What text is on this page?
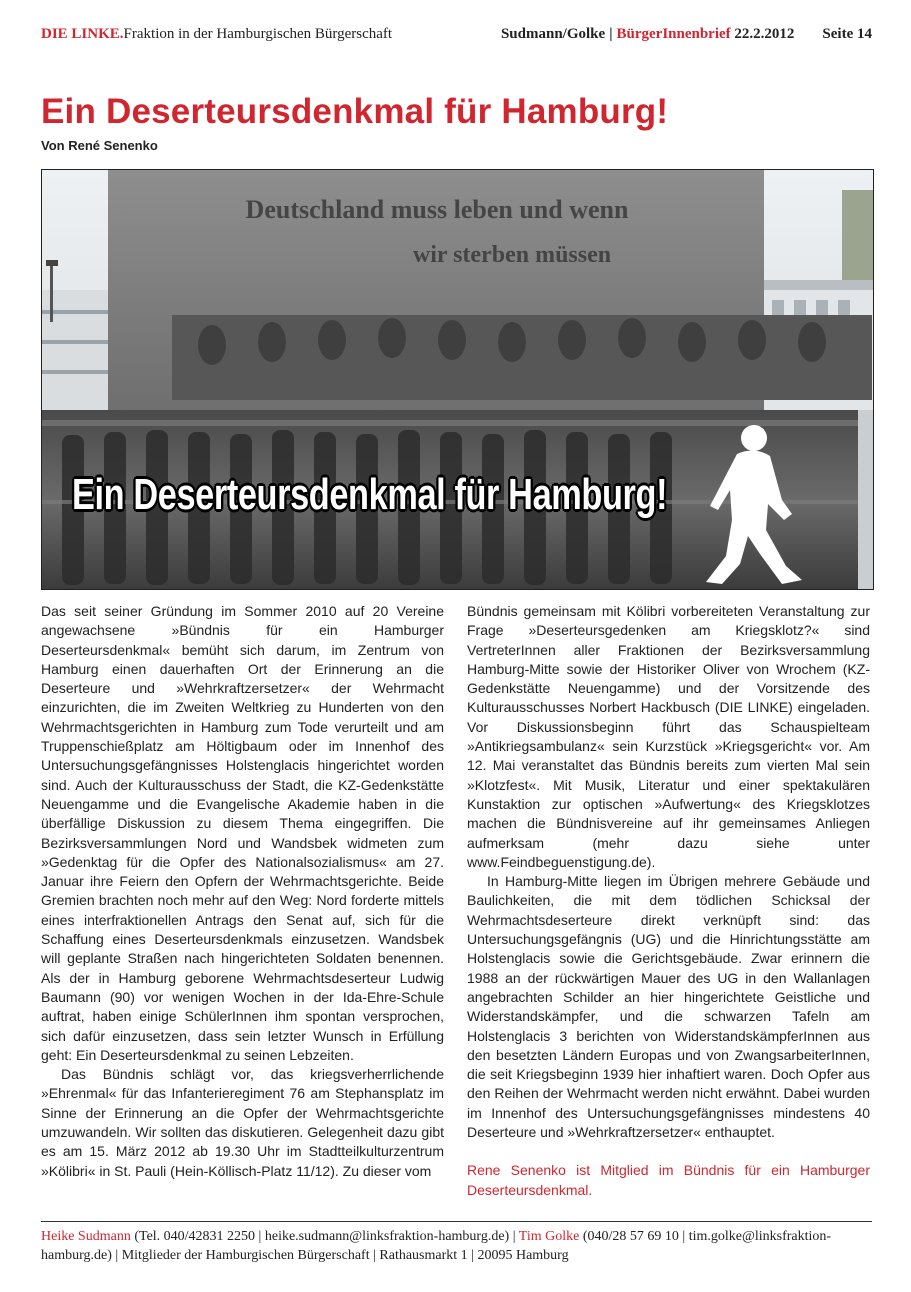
DIE LINKE.Fraktion in der Hamburgischen Bürgerschaft	Sudmann/Golke | BürgerInnenbrief 22.2.2012 Seite 14
Ein Deserteursdenkmal für Hamburg!

Von René Senenko

Deutschland muss leben und wenn
wir sterben müssen
Ein Deserteursdenkmal für Hamburg!

Das seit seiner Gründung im Sommer 2010 auf 20 Vereine angewachsene »Bündnis für ein Hamburger Deserteursdenkmal« bemüht sich darum, im Zentrum von Hamburg einen dauerhaften Ort der Erinnerung an die Deserteure und »Wehrkraftzersetzer« der Wehrmacht einzurichten, die im Zweiten Weltkrieg zu Hunderten von den Wehrmachtsgerichten in Hamburg zum Tode verurteilt und am Truppenschießplatz am Höltigbaum oder im Innenhof des Untersuchungsgefängnisses Holstenglacis hingerichtet worden sind. Auch der Kulturausschuss der Stadt, die KZ-Gedenkstätte Neuengamme und die Evangelische Akademie haben in die überfällige Diskussion zu diesem Thema eingegriffen. Die Bezirksversammlungen Nord und Wandsbek widmeten zum »Gedenktag für die Opfer des Nationalsozialismus« am 27. Januar ihre Feiern den Opfern der Wehrmachtsgerichte. Beide Gremien brachten noch mehr auf den Weg: Nord forderte mittels eines interfraktionellen Antrags den Senat auf, sich für die Schaffung eines Deserteursdenkmals einzusetzen. Wandsbek will geplante Straßen nach hingerichteten Soldaten benennen. Als der in Hamburg geborene Wehrmachtsdeserteur Ludwig Baumann (90) vor wenigen Wochen in der Ida-Ehre-Schule auftrat, haben einige SchülerInnen ihm spontan versprochen, sich dafür einzusetzen, dass sein letzter Wunsch in Erfüllung geht: Ein Deserteursdenkmal zu seinen Lebzeiten.

Das Bündnis schlägt vor, das kriegsverherrlichende »Ehrenmal« für das Infanterieregiment 76 am Stephansplatz im Sinne der Erinnerung an die Opfer der Wehrmachtsgerichte umzuwandeln. Wir sollten das diskutieren. Gelegenheit dazu gibt es am 15. März 2012 ab 19.30 Uhr im Stadtteilkulturzentrum »Kölibri« in St. Pauli (Hein-Köllisch-Platz 11/12). Zu dieser vom

Bündnis gemeinsam mit Kölibri vorbereiteten Veranstaltung zur Frage »Deserteursgedenken am Kriegsklotz?« sind VertreterInnen aller Fraktionen der Bezirksversammlung Hamburg-Mitte sowie der Historiker Oliver von Wrochem (KZ-Gedenkstätte Neuengamme) und der Vorsitzende des Kulturausschusses Norbert Hackbusch (DIE LINKE) eingeladen. Vor Diskussionsbeginn führt das Schauspielteam »Antikriegsambulanz« sein Kurzstück »Kriegsgericht« vor. Am 12. Mai veranstaltet das Bündnis bereits zum vierten Mal sein »Klotzfest«. Mit Musik, Literatur und einer spektakulären Kunstaktion zur optischen »Aufwertung« des Kriegsklotzes machen die Bündnisvereine auf ihr gemeinsames Anliegen aufmerksam (mehr dazu siehe unter www.Feindbeguenstigung.de).

In Hamburg-Mitte liegen im Übrigen mehrere Gebäude und Baulichkeiten, die mit dem tödlichen Schicksal der Wehrmachtsdeserteure direkt verknüpft sind: das Untersuchungsgefängnis (UG) und die Hinrichtungsstätte am Holstenglacis sowie die Gerichtsgebäude. Zwar erinnern die 1988 an der rückwärtigen Mauer des UG in den Wallanlagen angebrachten Schilder an hier hingerichtete Geistliche und Widerstandskämpfer, und die schwarzen Tafeln am Holstenglacis 3 berichten von WiderstandskämpferInnen aus den besetzten Ländern Europas und von ZwangsarbeiterInnen, die seit Kriegsbeginn 1939 hier inhaftiert waren. Doch Opfer aus den Reihen der Wehrmacht werden nicht erwähnt. Dabei wurden im Innenhof des Untersuchungsgefängnisses mindestens 40 Deserteure und »Wehrkraftzersetzer« enthauptet.

Rene Senenko ist Mitglied im Bündnis für ein Hamburger Deserteursdenkmal.

Heike Sudmann (Tel. 040/42831 2250 | heike.sudmann@linksfraktion-hamburg.de) | Tim Golke (040/28 57 69 10 | tim.golke@linksfraktion-hamburg.de) | Mitglieder der Hamburgischen Bürgerschaft | Rathausmarkt 1 | 20095 Hamburg
